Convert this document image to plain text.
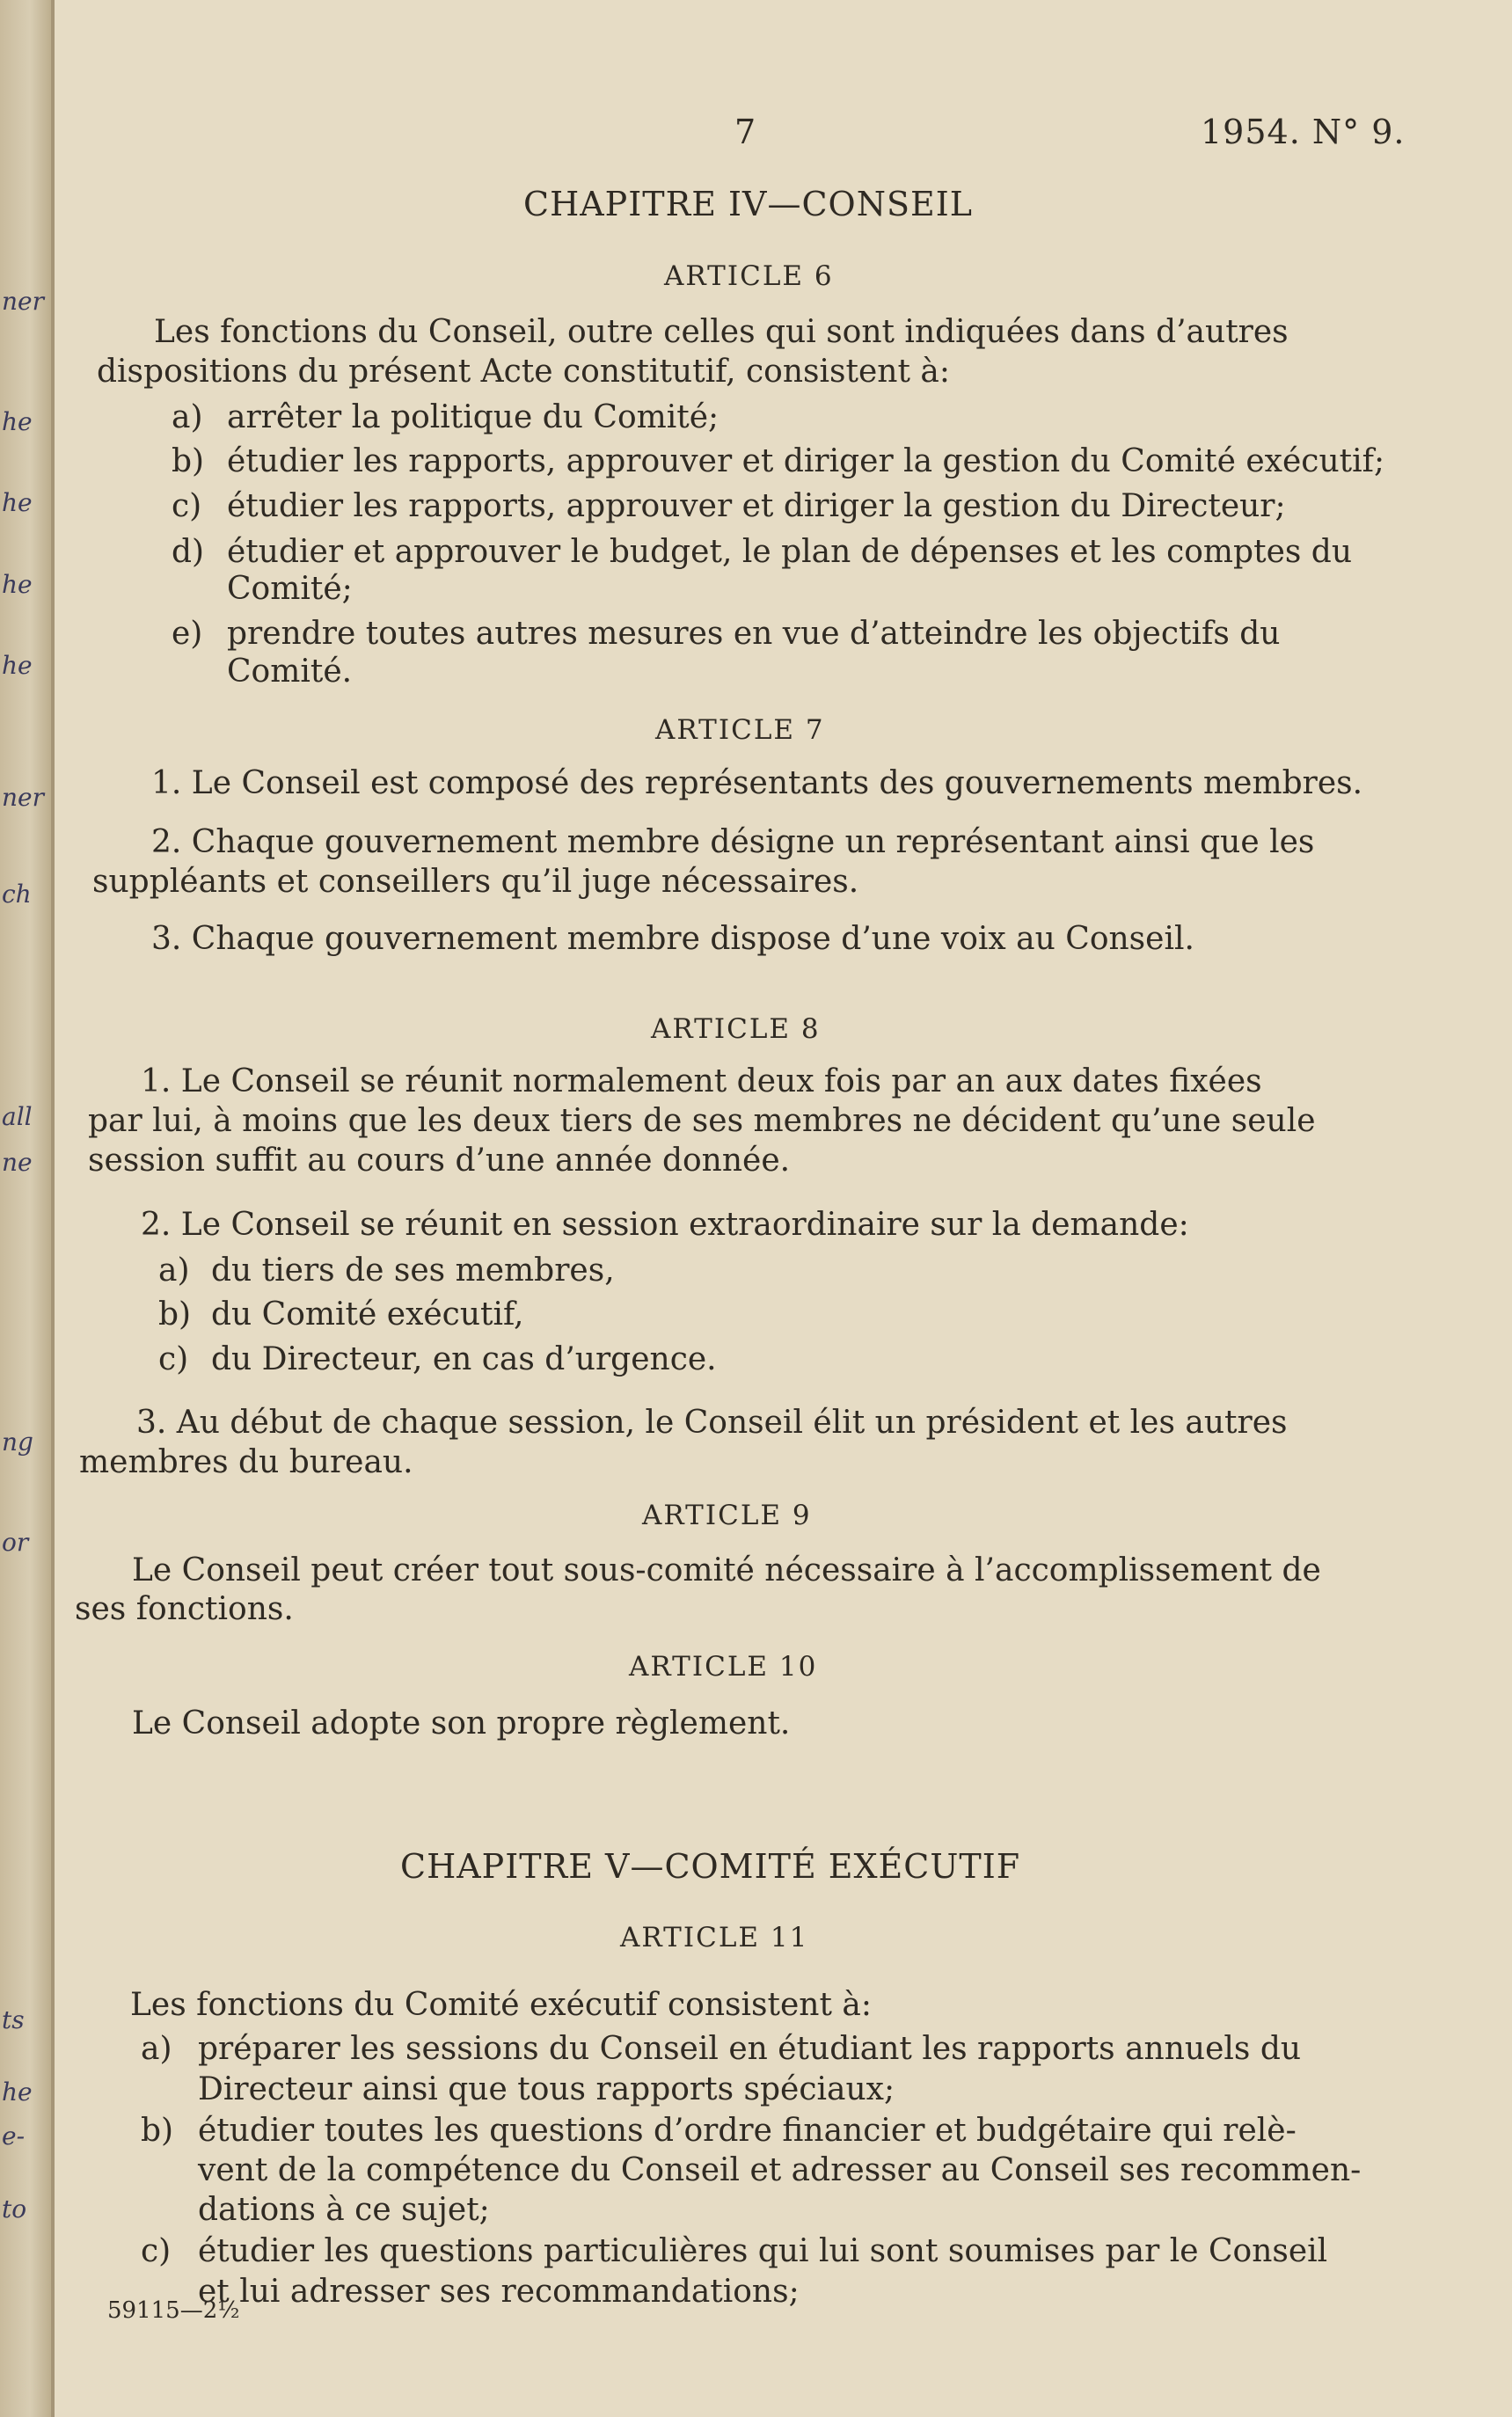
ner
he
he
he
he
ner
ch
all
ne
ng
or
ts
he
e-
to
7	1954. N° 9.
CHAPITRE IV—CONSEIL
ARTICLE 6
Les fonctions du Conseil, outre celles qui sont indiquées dans d’autres
dispositions du présent Acte constitutif, consistent à:
a) arrêter la politique du Comité;
b) étudier les rapports, approuver et diriger la gestion du Comité exécutif;
c) étudier les rapports, approuver et diriger la gestion du Directeur;
d) étudier et approuver le budget, le plan de dépenses et les comptes du
Comité;
e) prendre toutes autres mesures en vue d’atteindre les objectifs du
Comité.
ARTICLE 7
1. Le Conseil est composé des représentants des gouvernements membres.
2. Chaque gouvernement membre désigne un représentant ainsi que les
suppléants et conseillers qu’il juge nécessaires.
3. Chaque gouvernement membre dispose d’une voix au Conseil.
ARTICLE 8
1. Le Conseil se réunit normalement deux fois par an aux dates fixées
par lui, à moins que les deux tiers de ses membres ne décident qu’une seule
session suffit au cours d’une année donnée.
2. Le Conseil se réunit en session extraordinaire sur la demande:
a) du tiers de ses membres,
b) du Comité exécutif,
c) du Directeur, en cas d’urgence.
3. Au début de chaque session, le Conseil élit un président et les autres
membres du bureau.
ARTICLE 9
Le Conseil peut créer tout sous-comité nécessaire à l’accomplissement de
ses fonctions.
ARTICLE 10
Le Conseil adopte son propre règlement.
CHAPITRE V—COMITÉ EXÉCUTIF
ARTICLE 11
Les fonctions du Comité exécutif consistent à:
a) préparer les sessions du Conseil en étudiant les rapports annuels du
Directeur ainsi que tous rapports spéciaux;
b) étudier toutes les questions d’ordre financier et budgétaire qui relè-
vent de la compétence du Conseil et adresser au Conseil ses recommen-
dations à ce sujet;
c) étudier les questions particulières qui lui sont soumises par le Conseil
et lui adresser ses recommandations;
59115—2½
